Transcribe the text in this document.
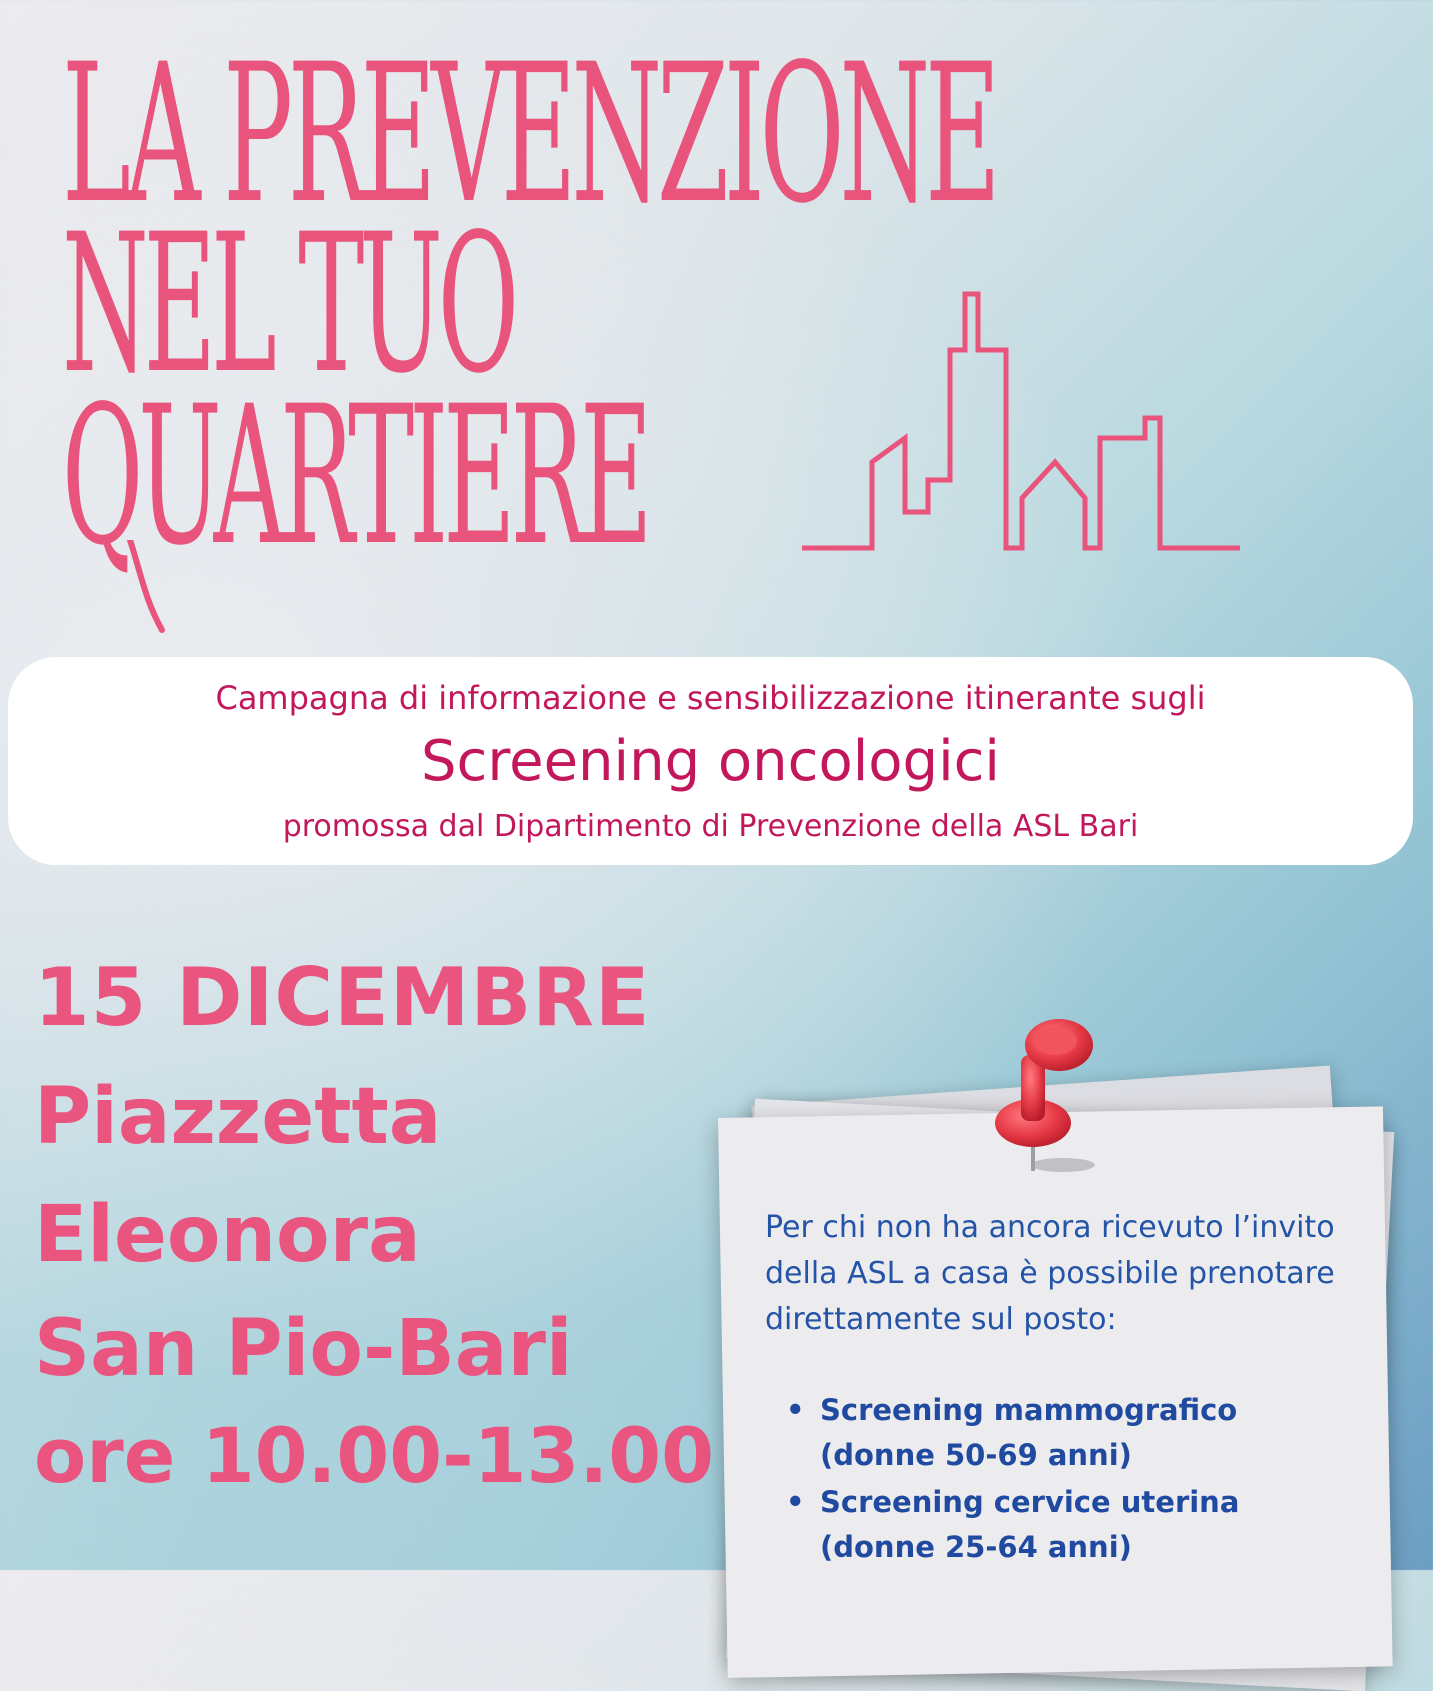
LA PREVENZIONE
NEL TUO
QUARTIERE
Campagna di informazione e sensibilizzazione itinerante sugli
Screening oncologici
promossa dal Dipartimento di Prevenzione della ASL Bari
15 DICEMBRE
Piazzetta
Eleonora
San Pio-Bari
ore 10.00-13.00
Per chi non ha ancora ricevuto l’invito della ASL a casa è possibile prenotare direttamente sul posto:
• Screening mammografico
(donne 50-69 anni)
• Screening cervice uterina
(donne 25-64 anni)
